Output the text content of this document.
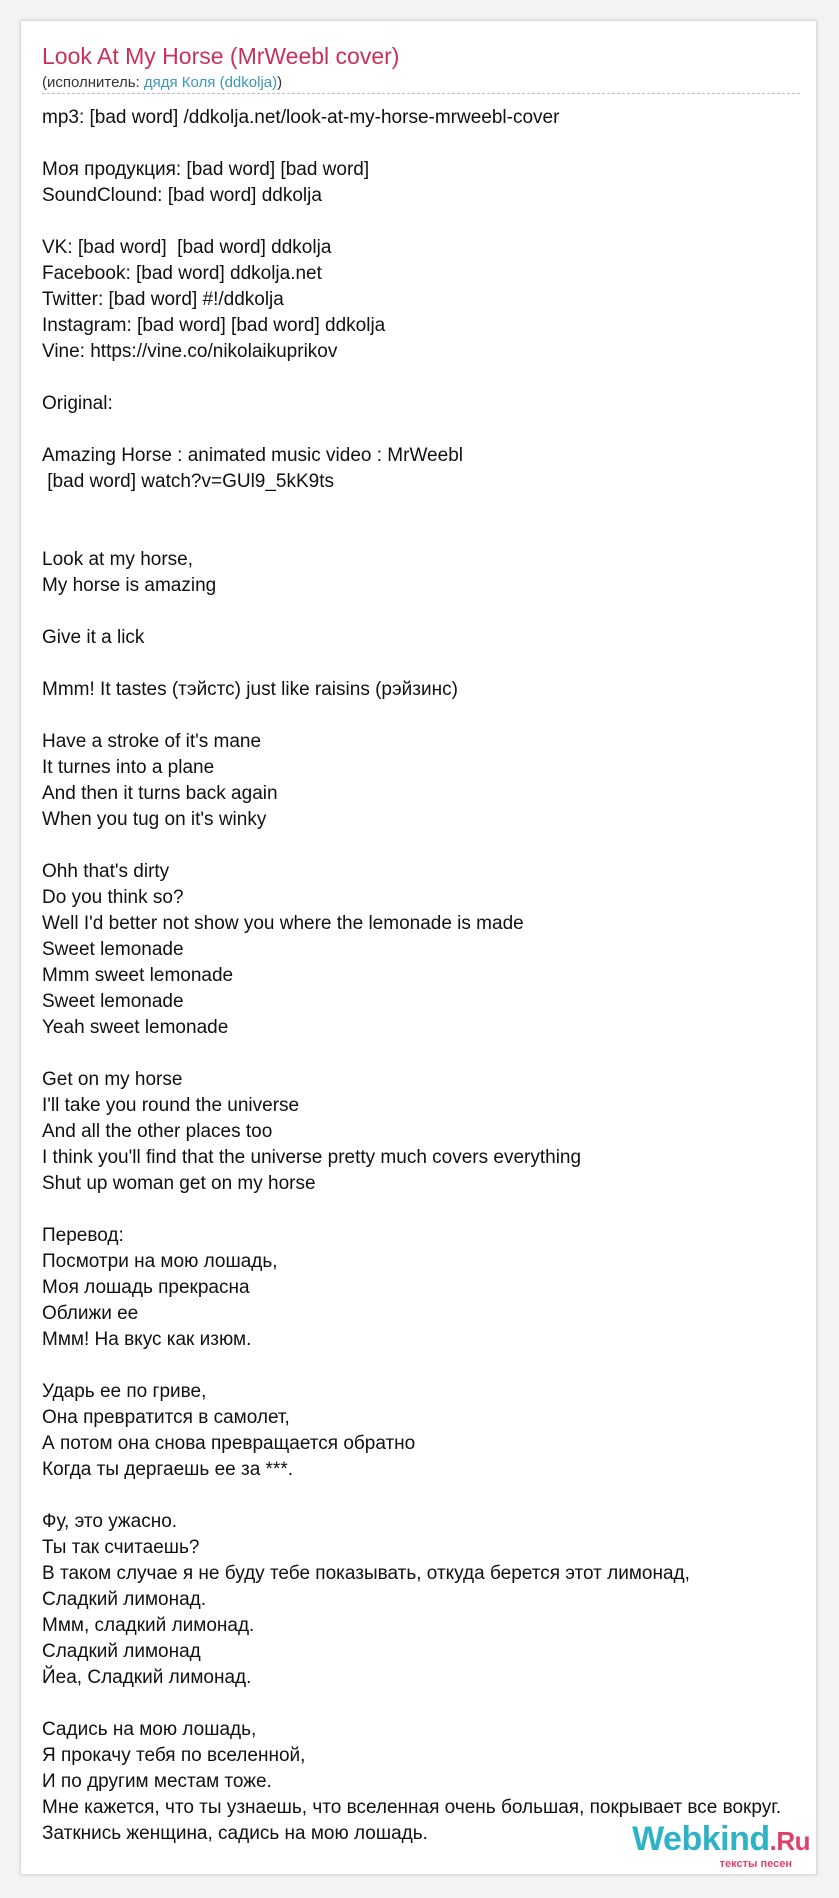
Look At My Horse (MrWeebl cover)
(исполнитель: дядя Коля (ddkolja))
mp3: [bad word] /ddkolja.net/look-at-my-horse-mrweebl-cover

Моя продукция: [bad word] [bad word]
SoundClound: [bad word] ddkolja

VK: [bad word]  [bad word] ddkolja
Facebook: [bad word] ddkolja.net
Twitter: [bad word] #!/ddkolja
Instagram: [bad word] [bad word] ddkolja
Vine: https://vine.co/nikolaikuprikov

Original:

Amazing Horse : animated music video : MrWeebl
[bad word] watch?v=GUl9_5kK9ts

Look at my horse,
My horse is amazing

Give it a lick

Mmm! It tastes (тэйстс) just like raisins (рэйзинс)

Have a stroke of it's mane
It turnes into a plane
And then it turns back again
When you tug on it's winky

Ohh that's dirty
Do you think so?
Well I'd better not show you where the lemonade is made
Sweet lemonade
Mmm sweet lemonade
Sweet lemonade
Yeah sweet lemonade

Get on my horse
I'll take you round the universe
And all the other places too
I think you'll find that the universe pretty much covers everything
Shut up woman get on my horse

Перевод:
Посмотри на мою лошадь,
Моя лошадь прекрасна
Оближи ее
Ммм! На вкус как изюм.

Ударь ее по гриве,
Она превратится в самолет,
А потом она снова превращается обратно
Когда ты дергаешь ее за ***.

Фу, это ужасно.
Ты так считаешь?
В таком случае я не буду тебе показывать, откуда берется этот лимонад,
Сладкий лимонад.
Ммм, сладкий лимонад.
Сладкий лимонад
Йеа, Сладкий лимонад.

Садись на мою лошадь,
Я прокачу тебя по вселенной,
И по другим местам тоже.
Мне кажется, что ты узнаешь, что вселенная очень большая, покрывает все вокруг.
Заткнись женщина, садись на мою лошадь.	Webkind.Ru
тексты песен
